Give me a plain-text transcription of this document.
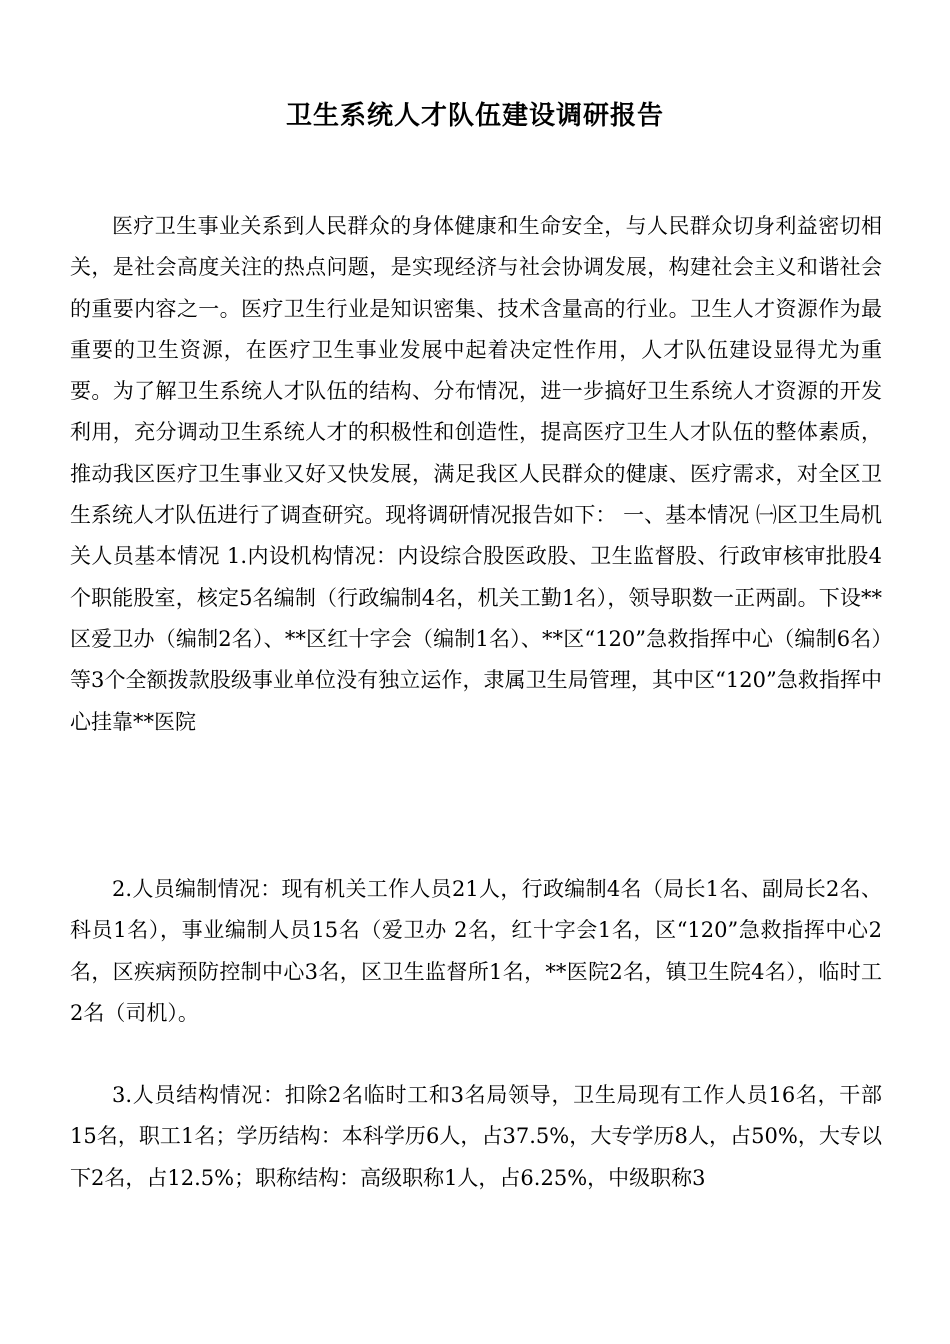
卫生系统人才队伍建设调研报告

医疗卫生事业关系到人民群众的身体健康和生命安全，与人民群众切身利益密切相关，是社会高度关注的热点问题，是实现经济与社会协调发展，构建社会主义和谐社会的重要内容之一。医疗卫生行业是知识密集、技术含量高的行业。卫生人才资源作为最重要的卫生资源，在医疗卫生事业发展中起着决定性作用，人才队伍建设显得尤为重要。为了解卫生系统人才队伍的结构、分布情况，进一步搞好卫生系统人才资源的开发利用，充分调动卫生系统人才的积极性和创造性，提高医疗卫生人才队伍的整体素质，推动我区医疗卫生事业又好又快发展，满足我区人民群众的健康、医疗需求，对全区卫生系统人才队伍进行了调查研究。现将调研情况报告如下： 一、基本情况 ㈠区卫生局机关人员基本情况 1.内设机构情况：内设综合股医政股、卫生监督股、行政审核审批股4个职能股室，核定5名编制（行政编制4名，机关工勤1名），领导职数一正两副。下设**区爱卫办（编制2名）、**区红十字会（编制1名）、**区“120”急救指挥中心（编制6名）等3个全额拨款股级事业单位没有独立运作，隶属卫生局管理，其中区“120”急救指挥中心挂靠**医院

2.人员编制情况：现有机关工作人员21人，行政编制4名（局长1名、副局长2名、科员1名），事业编制人员15名（爱卫办 2名，红十字会1名，区“120”急救指挥中心2名，区疾病预防控制中心3名，区卫生监督所1名，**医院2名，镇卫生院4名），临时工2名（司机）。

3.人员结构情况：扣除2名临时工和3名局领导，卫生局现有工作人员16名，干部15名，职工1名；学历结构：本科学历6人，占37.5%，大专学历8人，占50%，大专以下2名，占12.5%；职称结构：高级职称1人，占6.25%，中级职称3
